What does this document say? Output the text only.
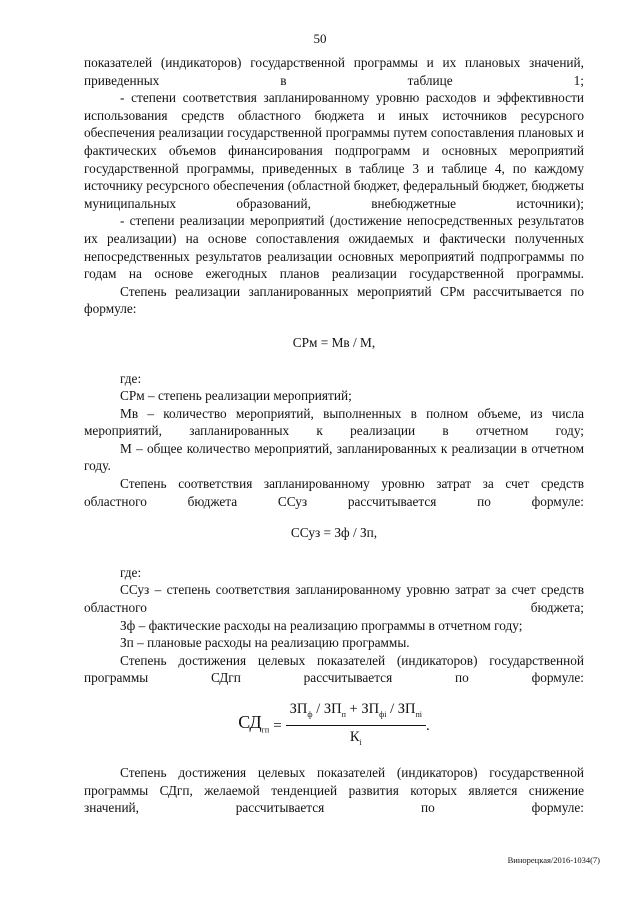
50

показателей (индикаторов) государственной программы и их плановых значений, приведенных в таблице 1;

- степени соответствия запланированному уровню расходов и эффективности использования средств областного бюджета и иных источников ресурсного обеспечения реализации государственной программы путем сопоставления плановых и фактических объемов финансирования подпрограмм и основных мероприятий государственной программы, приведенных в таблице 3 и таблице 4, по каждому источнику ресурсного обеспечения (областной бюджет, федеральный бюджет, бюджеты муниципальных образований, внебюджетные источники);

- степени реализации мероприятий (достижение непосредственных результатов их реализации) на основе сопоставления ожидаемых и фактически полученных непосредственных результатов реализации основных мероприятий подпрограммы по годам на основе ежегодных планов реализации государственной программы.

Степень реализации запланированных мероприятий СРм рассчитывается по формуле:

СРм = Мв / М,

где:

СРм – степень реализации мероприятий;

Мв – количество мероприятий, выполненных в полном объеме, из числа мероприятий, запланированных к реализации в отчетном году;

М – общее количество мероприятий, запланированных к реализации в отчетном году.

Степень соответствия запланированному уровню затрат за счет средств областного бюджета ССуз рассчитывается по формуле:

ССуз = Зф / Зп,

где:

ССуз – степень соответствия запланированному уровню затрат за счет средств областного бюджета;

Зф – фактические расходы на реализацию программы в отчетном году;

Зп – плановые расходы на реализацию программы.

Степень достижения целевых показателей (индикаторов) государственной программы СДгп рассчитывается по формуле:

$СД_{гп} = \frac{ЗП_ф / ЗП_п + ЗП_{фi} / ЗП_{пi}}{К_i}$ .

Степень достижения целевых показателей (индикаторов) государственной программы СДгп, желаемой тенденцией развития которых является снижение значений, рассчитывается по формуле:

Винорецкая/2016-1034(7)
